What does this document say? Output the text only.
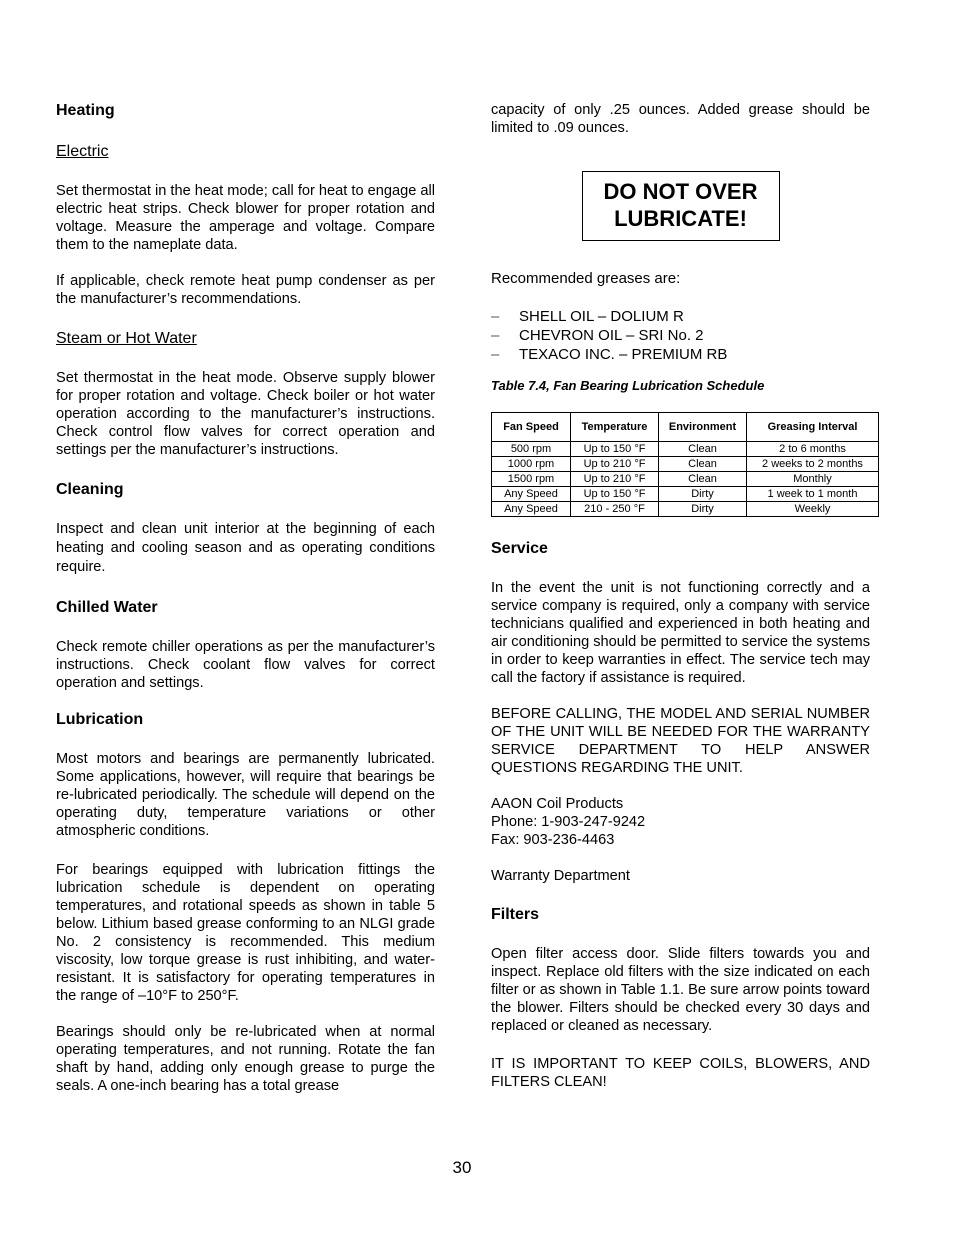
Heating
Electric

Set thermostat in the heat mode; call for heat to engage all electric heat strips. Check blower for proper rotation and voltage. Measure the amperage and voltage. Compare them to the nameplate data.

If applicable, check remote heat pump condenser as per the manufacturer’s recommendations.

Steam or Hot Water

Set thermostat in the heat mode. Observe supply blower for proper rotation and voltage. Check boiler or hot water operation according to the manufacturer’s instructions. Check control flow valves for correct operation and settings per the manufacturer’s instructions.

Cleaning

Inspect and clean unit interior at the beginning of each heating and cooling season and as operating conditions require.

Chilled Water

Check remote chiller operations as per the manufacturer’s instructions. Check coolant flow valves for correct operation and settings.

Lubrication

Most motors and bearings are permanently lubricated. Some applications, however, will require that bearings be re-lubricated periodically. The schedule will depend on the operating duty, temperature variations or other atmospheric conditions.

For bearings equipped with lubrication fittings the lubrication schedule is dependent on operating temperatures, and rotational speeds as shown in table 5 below. Lithium based grease conforming to an NLGI grade No. 2 consistency is recommended. This medium viscosity, low torque grease is rust inhibiting, and water-resistant. It is satisfactory for operating temperatures in the range of –10°F to 250°F.

Bearings should only be re-lubricated when at normal operating temperatures, and not running. Rotate the fan shaft by hand, adding only enough grease to purge the seals. A one-inch bearing has a total grease

capacity of only .25 ounces. Added grease should be limited to .09 ounces.

DO NOT OVER
LUBRICATE!

Recommended greases are:

– SHELL OIL – DOLIUM R
– CHEVRON OIL – SRI No. 2
– TEXACO INC. – PREMIUM RB
Table 7.4, Fan Bearing Lubrication Schedule
Fan Speed	Temperature	Environment	Greasing Interval
500 rpm	Up to 150 °F	Clean	2 to 6 months
1000 rpm	Up to 210 °F	Clean	2 weeks to 2 months
1500 rpm	Up to 210 °F	Clean	Monthly
Any Speed	Up to 150 °F	Dirty	1 week to 1 month
Any Speed	210 - 250 °F	Dirty	Weekly
Service

In the event the unit is not functioning correctly and a service company is required, only a company with service technicians qualified and experienced in both heating and air conditioning should be permitted to service the systems in order to keep warranties in effect. The service tech may call the factory if assistance is required.

BEFORE CALLING, THE MODEL AND SERIAL NUMBER OF THE UNIT WILL BE NEEDED FOR THE WARRANTY SERVICE DEPARTMENT TO HELP ANSWER QUESTIONS REGARDING THE UNIT.

AAON Coil Products
Phone: 1-903-247-9242
Fax: 903-236-4463

Warranty Department

Filters

Open filter access door. Slide filters towards you and inspect. Replace old filters with the size indicated on each filter or as shown in Table 1.1. Be sure arrow points toward the blower. Filters should be checked every 30 days and replaced or cleaned as necessary.

IT IS IMPORTANT TO KEEP COILS, BLOWERS, AND FILTERS CLEAN!

30
